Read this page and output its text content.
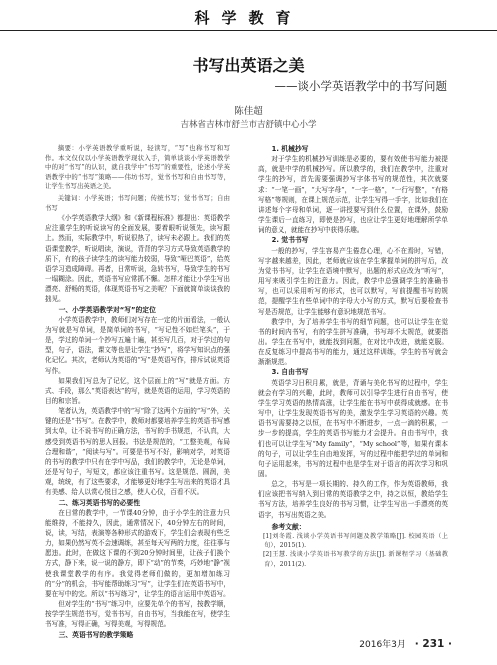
科学教育
书写出英语之美
——谈小学英语教学中的书写问题
陈佳超
吉林省吉林市舒兰市吉舒镇中心小学
摘要：小学英语教学重听说，轻读写，“写”也称书写和写作。本文仅仅以小学英语教学现状入手，简单谈谈小学英语教学中的对“书写”的认识，就自我学中“书写”的重要性，论述小学英语教学中的“书写”策略——伟坊书写，觉书书写和自由书写等，让学生书写出英语之美。
关键词：小学英语；书写问题；传统书写；觉书书写；自由书写
《小学英语教学大纲》和《新课程标准》都提出：英语教学应注重学生的听说读写的全面发展，要着眼听说领先，读写跟上。然而，实际教学中，听说很热了，读写未必跟上。我们的英语课堂教学，听说唱读，演说，背背的学习方式导致英语教学的质下，有的孩子读学生的读写能力较弱，导致“哑巴英语”，给英语学习造成障碍。再者，日常听说，急转书写，导致学生的书写一塌糊涂。因此，英语书写应常抓不懈。怎样才能让小学生写出漂亮、舒畅的英语，体现英语书写之美呢？下面就简单谈谈我的拙见。
一、小学英语教学对“写”的定位
小学英语教学中，教师们对写存在一定的片面看法，一般认为写就是写单词，是简单词的书写，“写记性不如烂笔头”，于是，学过的单词一个抄写五遍十遍，甚至写几百，对于学过的句型，句子，语法，课文等也是让学生“抄写”，将学写知识点的强化记忆。其次，老师认为英语的“写”是英语写作，排斥试说英语写作。
如果我们写总为了记忆，这个层面上的“写”就是方面。方式、手段，那么“英语表达”的写，就是英语的运用，学习英语的目的和宗旨。
笔者认为，英语教学中的“写”除了这两个方面的“写”外，关键的还是“书写”。在教学中，教师对都要培养学生的英语书写感到太单，让不说书写的正确方法，书写的手书规范，不认真，大感受到英语书写的思人回报。书法是规范的，“工整美观，布局合理和谐”，“阅读与写”。可要是书写不好，影响对学，对英语的书写的教学中只有在学中写品，我们的教学中，无论是单词，还是写句子，写短文，都应该注重书写。这是规范、圆润，美观，统统，有了这些要求，才能够更好地学生写出来的英语才具有美感、给人以赏心悦目之感，使人心仪，百看不厌。
二、练习英语书写的必要性
在日常的教学中，一节课40分钟，由于小学生的注意力只能维持，不能持久，因此，通常情况下，40分钟左右的时间，说，读，写结，表演等各种形式的游戏下，学生们会表现有些乏力，如果仍然写英不会速调练，甚至每天写两的力度，往往事与愿违。此时，在做这下课的不到20分钟时间里，让孩子们换个方式，静下来，说一说的静方，即下“动”的节奏，巧妙地“静”视使我课堂教学的有序。我觉得老师们做的，更加增加练习的“分”的机会，书写能帮助练习“写”，让学生们在英语书写中，要在写中的完。所以“书写练习”，让学生的语言运用中英语写。
但对学生的“书写”练习中，应要先单个的书写，按教学顺，按学学生规范书写，觉书书写，自由书写，当我能在写，使学生书写准，写得正确，写得美观，写得规范。
三、英语书写的教学策略
1. 机械抄写
对于学生的机械抄写训练是必要的，要有效使书写能力被提高，就是中学的机械抄写。所以教学的，我们在教学中，注重对学生的抄写，首先需要强调抄写字体书写的规范性，其次就要求：“一笔一画”，“大写字母”，“一字一格”，“一行写整”，“有格写格”等规则，在课上规范示范，让学生写得一手字，比如我们在讲述每个字母和单词，逐一讲授要写到什么位置，在课外，鼓励学生课后一直练习，即使是抄写，也应让学生更好地理解所学单词的意义，就能在抄写中获得乐趣。
2. 觉书书写
一般的抄写，学生容易产生倦怠心理，心不在焉时，写错，写字越来越差，因此，老师就应该在学生掌握单词的拼写后，改为觉书书写，让学生在语境中默写，出题的形式应改为“听写”，用写来吸引学生的注意力。因此，教学中总强调学生的准确书写，也可以采用听写的形式，也可以默写，写前提醒书写的规范，提醒学生有些单词中的字母大小写的方式，默写后要检查书写是否规范，让学生能够有意识地规范书写。
教学中，为了培养学生书写的细节问题，也可以让学生在觉书的时间内书写，有的学生拼写准确，书写却不太规范，就要指出。学生在书写中，就能找到问题，在对比中改进，就能克服。在反复练习中提高书写的能力，通过这样训练，学生的书写就会渐渐规范。
3. 自由书写
英语学习日积月累，就是，背诵与美化书写的过程中，学生就会有学习的兴趣，此时，教师可以引导学生进行自由书写，使学生学习英语的热情高涨，让学生能在书写中获得成就感。在书写中，让学生发现英语书写的美，激发学生学习英语的兴趣。英语书写需要持之以恒，在书写中不断进步，一点一滴的积累，一步一步的提高，学生的英语书写能力才会提升。自由书写中，我们也可以让学生写“My family”，“My school”等，如果有课本的句子，可以让学生自由地发挥，写的过程中能把学过的单词和句子运用起来，书写的过程中也是学生对于语言的再次学习和巩固。
总之，书写是一项长期的、持久的工作，作为英语教师，我们应该把书写纳入到日常的英语教学之中，持之以恒，教给学生书写方法，培养学生良好的书写习惯，让学生写出一手漂亮的英语字，书写出英语之美。
参考文献：
[1]刘冬霞. 浅谈小学英语书写问题及教学策略[J]. 校园英语（上旬），2015(1).
[2]王慧. 浅谈小学英语书写教学的方法[J]. 新课程学习（基础教育），2011(2).
2016年3月 · 231 ·
